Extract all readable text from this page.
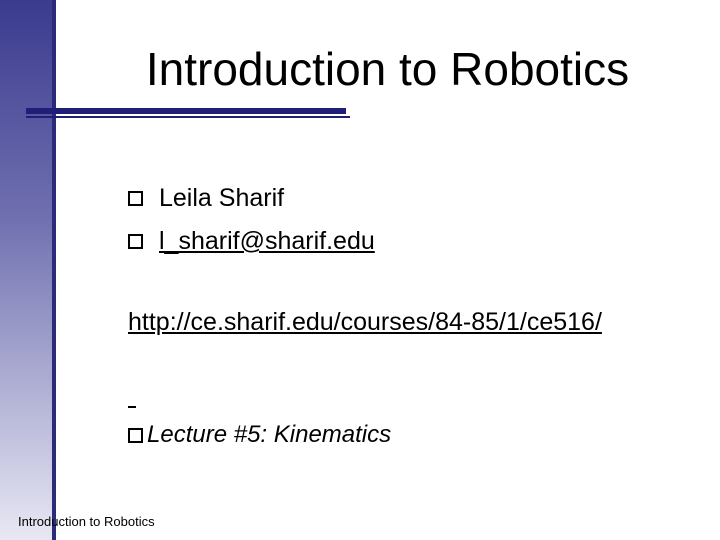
Introduction to Robotics
Leila Sharif
l_sharif@sharif.edu
http://ce.sharif.edu/courses/84-85/1/ce516/
Lecture #5: Kinematics
Introduction to Robotics
